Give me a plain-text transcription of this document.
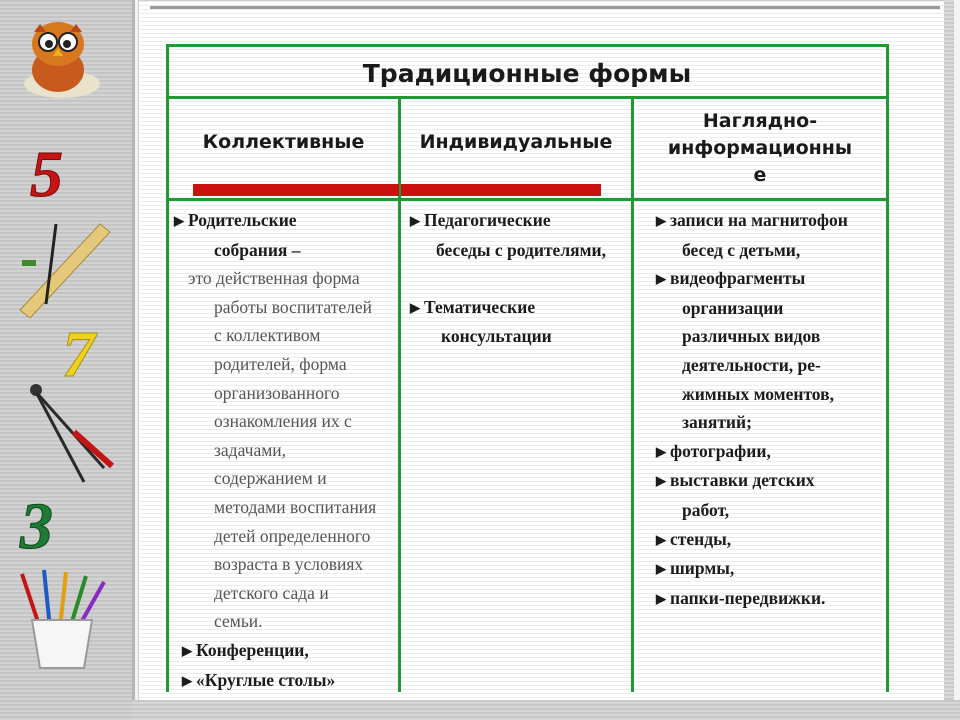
5
7
3
Традиционные формы
Коллективные	Индивидуальные
Наглядно-
информационны
е
▶ Родительские
собрания –
это действенная форма
работы воспитателей
с коллективом
родителей, форма
организованного
ознакомления их с
задачами,
содержанием и
методами воспитания
детей определенного
возраста в условиях
детского сада и
семьи.
▶ Конференции,
▶ «Круглые столы»
▶ Педагогические
беседы с родителями,

▶ Тематические
консультации
▶ записи на магнитофон
бесед с детьми,
▶ видеофрагменты
организации
различных видов
деятельности, ре-
жимных моментов,
занятий;
▶ фотографии,
▶ выставки детских
работ,
▶ стенды,
▶ ширмы,
▶ папки-передвижки.
